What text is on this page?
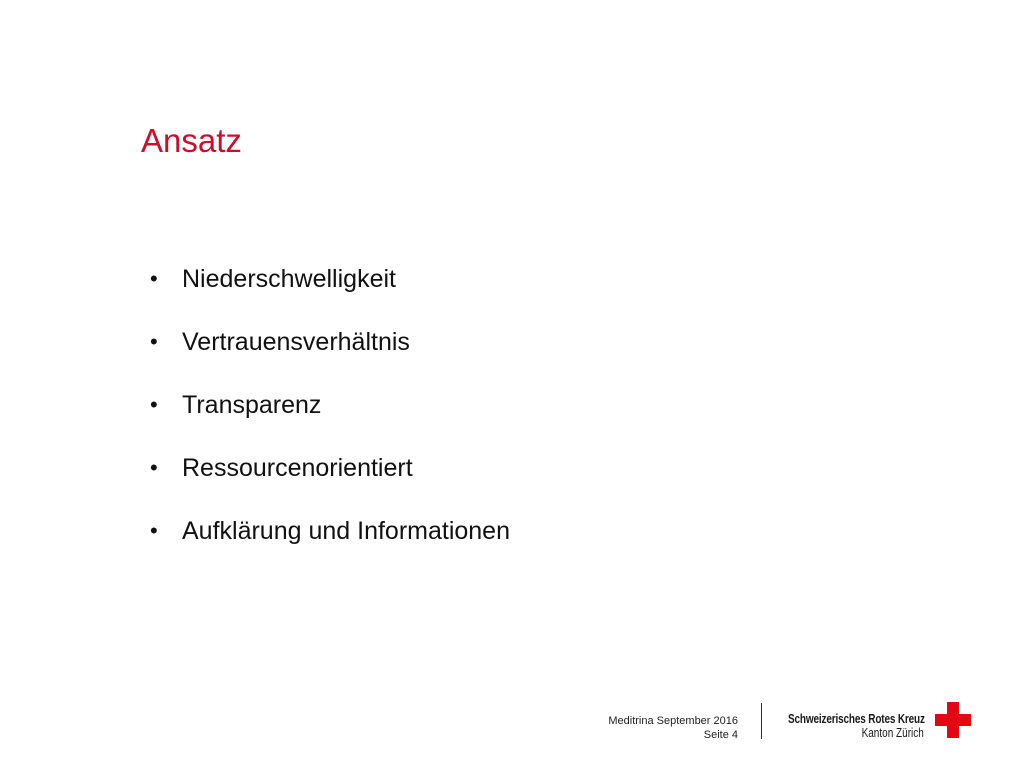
Ansatz
• Niederschwelligkeit
• Vertrauensverhältnis
• Transparenz
• Ressourcenorientiert
• Aufklärung und Informationen
Meditrina September 2016
Seite 4
Schweizerisches Rotes Kreuz
Kanton Zürich
